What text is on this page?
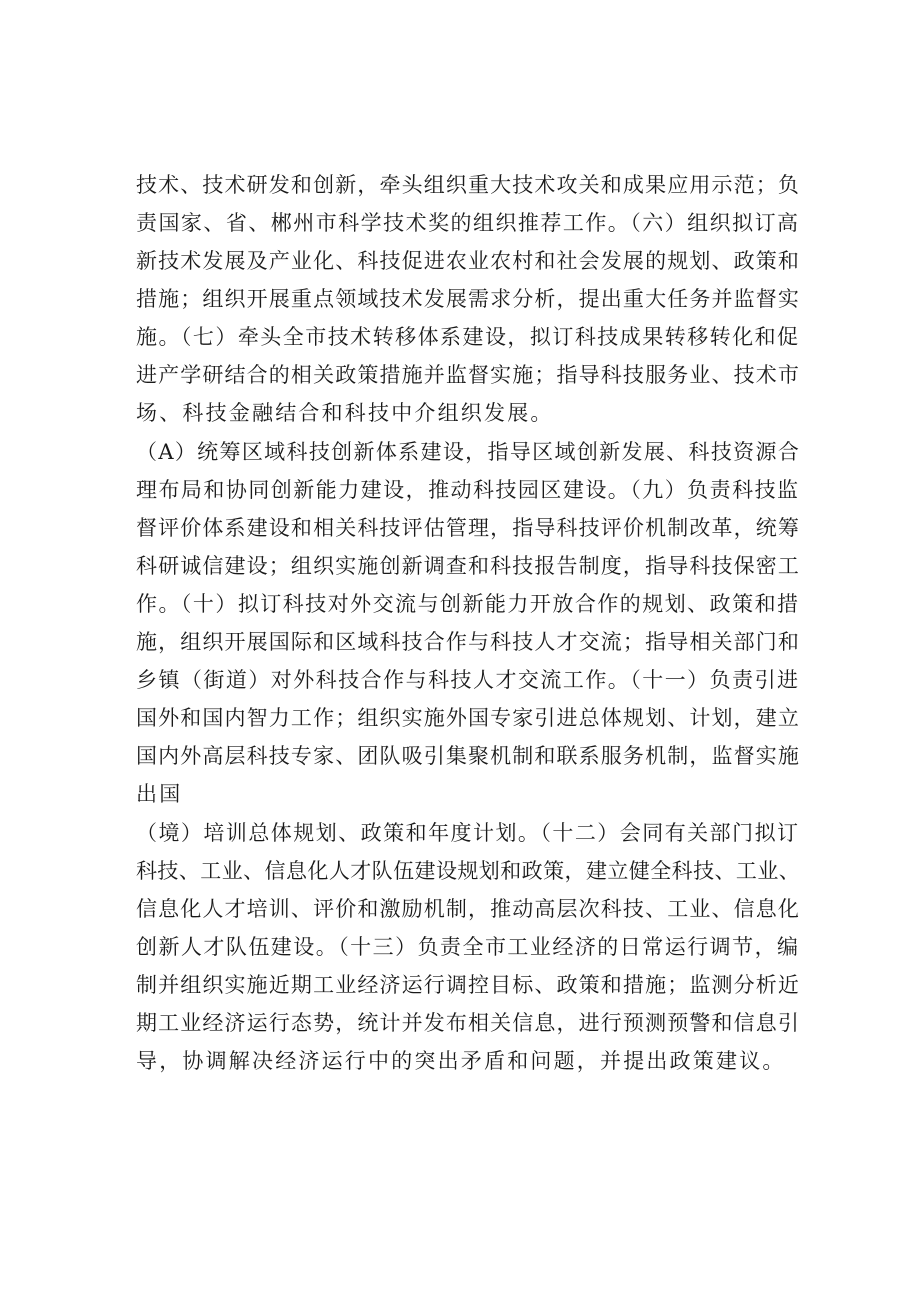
技术、技术研发和创新，牵头组织重大技术攻关和成果应用示范；负
责国家、省、郴州市科学技术奖的组织推荐工作。（六）组织拟订高
新技术发展及产业化、科技促进农业农村和社会发展的规划、政策和
措施；组织开展重点领域技术发展需求分析，提出重大任务并监督实
施。（七）牵头全市技术转移体系建设，拟订科技成果转移转化和促
进产学研结合的相关政策措施并监督实施；指导科技服务业、技术市
场、科技金融结合和科技中介组织发展。
（A）统筹区域科技创新体系建设，指导区域创新发展、科技资源合
理布局和协同创新能力建设，推动科技园区建设。（九）负责科技监
督评价体系建设和相关科技评估管理，指导科技评价机制改革，统筹
科研诚信建设；组织实施创新调查和科技报告制度，指导科技保密工
作。（十）拟订科技对外交流与创新能力开放合作的规划、政策和措
施，组织开展国际和区域科技合作与科技人才交流；指导相关部门和
乡镇（街道）对外科技合作与科技人才交流工作。（十一）负责引进
国外和国内智力工作；组织实施外国专家引进总体规划、计划，建立
国内外高层科技专家、团队吸引集聚机制和联系服务机制，监督实施
出国
（境）培训总体规划、政策和年度计划。（十二）会同有关部门拟订
科技、工业、信息化人才队伍建设规划和政策，建立健全科技、工业、
信息化人才培训、评价和激励机制，推动高层次科技、工业、信息化
创新人才队伍建设。（十三）负责全市工业经济的日常运行调节，编
制并组织实施近期工业经济运行调控目标、政策和措施；监测分析近
期工业经济运行态势，统计并发布相关信息，进行预测预警和信息引
导，协调解决经济运行中的突出矛盾和问题，并提出政策建议。
